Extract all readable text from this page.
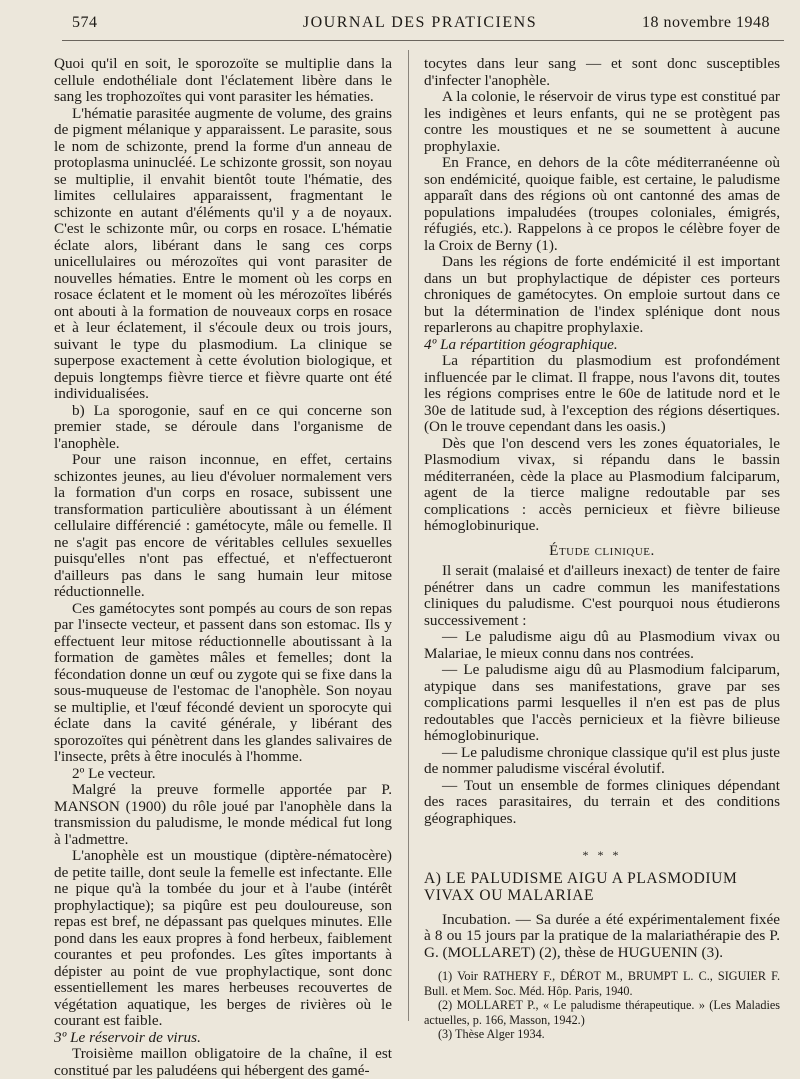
574	JOURNAL DES PRATICIENS	18 novembre 1948

Quoi qu'il en soit, le sporozoïte se multiplie dans la cellule endothéliale dont l'éclatement libère dans le sang les trophozoïtes qui vont parasiter les hématies.

L'hématie parasitée augmente de volume, des grains de pigment mélanique y apparaissent. Le parasite, sous le nom de schizonte, prend la forme d'un anneau de protoplasma uninucléé. Le schizonte grossit, son noyau se multiplie, il envahit bientôt toute l'hématie, des limites cellulaires apparaissent, fragmentant le schizonte en autant d'éléments qu'il y a de noyaux. C'est le schizonte mûr, ou corps en rosace. L'hématie éclate alors, libérant dans le sang ces corps unicellulaires ou mérozoïtes qui vont parasiter de nouvelles hématies. Entre le moment où les corps en rosace éclatent et le moment où les mérozoïtes libérés ont abouti à la formation de nouveaux corps en rosace et à leur éclatement, il s'écoule deux ou trois jours, suivant le type du plasmodium. La clinique se superpose exactement à cette évolution biologique, et depuis longtemps fièvre tierce et fièvre quarte ont été individualisées.

b) La sporogonie, sauf en ce qui concerne son premier stade, se déroule dans l'organisme de l'anophèle.

Pour une raison inconnue, en effet, certains schizontes jeunes, au lieu d'évoluer normalement vers la formation d'un corps en rosace, subissent une transformation particulière aboutissant à un élément cellulaire différencié : gamétocyte, mâle ou femelle. Il ne s'agit pas encore de véritables cellules sexuelles puisqu'elles n'ont pas effectué, et n'effectueront d'ailleurs pas dans le sang humain leur mitose réductionnelle.

Ces gamétocytes sont pompés au cours de son repas par l'insecte vecteur, et passent dans son estomac. Ils y effectuent leur mitose réductionnelle aboutissant à la formation de gamètes mâles et femelles; dont la fécondation donne un œuf ou zygote qui se fixe dans la sous-muqueuse de l'estomac de l'anophèle. Son noyau se multiplie, et l'œuf fécondé devient un sporocyte qui éclate dans la cavité générale, y libérant des sporozoïtes qui pénètrent dans les glandes salivaires de l'insecte, prêts à être inoculés à l'homme.

2º Le vecteur.

Malgré la preuve formelle apportée par P. MANSON (1900) du rôle joué par l'anophèle dans la transmission du paludisme, le monde médical fut long à l'admettre.

L'anophèle est un moustique (diptère-nématocère) de petite taille, dont seule la femelle est infectante. Elle ne pique qu'à la tombée du jour et à l'aube (intérêt prophylactique); sa piqûre est peu douloureuse, son repas est bref, ne dépassant pas quelques minutes. Elle pond dans les eaux propres à fond herbeux, faiblement courantes et peu profondes. Les gîtes importants à dépister au point de vue prophylactique, sont donc essentiellement les mares herbeuses recouvertes de végétation aquatique, les berges de rivières où le courant est faible.

3º Le réservoir de virus.

Troisième maillon obligatoire de la chaîne, il est constitué par les paludéens qui hébergent des gamé-

tocytes dans leur sang — et sont donc susceptibles d'infecter l'anophèle.

A la colonie, le réservoir de virus type est constitué par les indigènes et leurs enfants, qui ne se protègent pas contre les moustiques et ne se soumettent à aucune prophylaxie.

En France, en dehors de la côte méditerranéenne où son endémicité, quoique faible, est certaine, le paludisme apparaît dans des régions où ont cantonné des amas de populations impaludées (troupes coloniales, émigrés, réfugiés, etc.). Rappelons à ce propos le célèbre foyer de la Croix de Berny (1).

Dans les régions de forte endémicité il est important dans un but prophylactique de dépister ces porteurs chroniques de gamétocytes. On emploie surtout dans ce but la détermination de l'index splénique dont nous reparlerons au chapitre prophylaxie.

4º La répartition géographique.

La répartition du plasmodium est profondément influencée par le climat. Il frappe, nous l'avons dit, toutes les régions comprises entre le 60e de latitude nord et le 30e de latitude sud, à l'exception des régions désertiques. (On le trouve cependant dans les oasis.)

Dès que l'on descend vers les zones équatoriales, le Plasmodium vivax, si répandu dans le bassin méditerranéen, cède la place au Plasmodium falciparum, agent de la tierce maligne redoutable par ses complications : accès pernicieux et fièvre bilieuse hémoglobinurique.

Étude clinique.

Il serait (malaisé et d'ailleurs inexact) de tenter de faire pénétrer dans un cadre commun les manifestations cliniques du paludisme. C'est pourquoi nous étudierons successivement :

— Le paludisme aigu dû au Plasmodium vivax ou Malariae, le mieux connu dans nos contrées.

— Le paludisme aigu dû au Plasmodium falciparum, atypique dans ses manifestations, grave par ses complications parmi lesquelles il n'en est pas de plus redoutables que l'accès pernicieux et la fièvre bilieuse hémoglobinurique.

— Le paludisme chronique classique qu'il est plus juste de nommer paludisme viscéral évolutif.

— Tout un ensemble de formes cliniques dépendant des races parasitaires, du terrain et des conditions géographiques.

* * *
A) LE PALUDISME AIGU A PLASMODIUM VIVAX OU MALARIAE

Incubation. — Sa durée a été expérimentalement fixée à 8 ou 15 jours par la pratique de la malariathérapie des P. G. (MOLLARET) (2), thèse de HUGUENIN (3).

(1) Voir RATHERY F., DÉROT M., BRUMPT L. C., SIGUIER F. Bull. et Mem. Soc. Méd. Hôp. Paris, 1940.
(2) MOLLARET P., « Le paludisme thérapeutique. » (Les Maladies actuelles, p. 166, Masson, 1942.)
(3) Thèse Alger 1934.
